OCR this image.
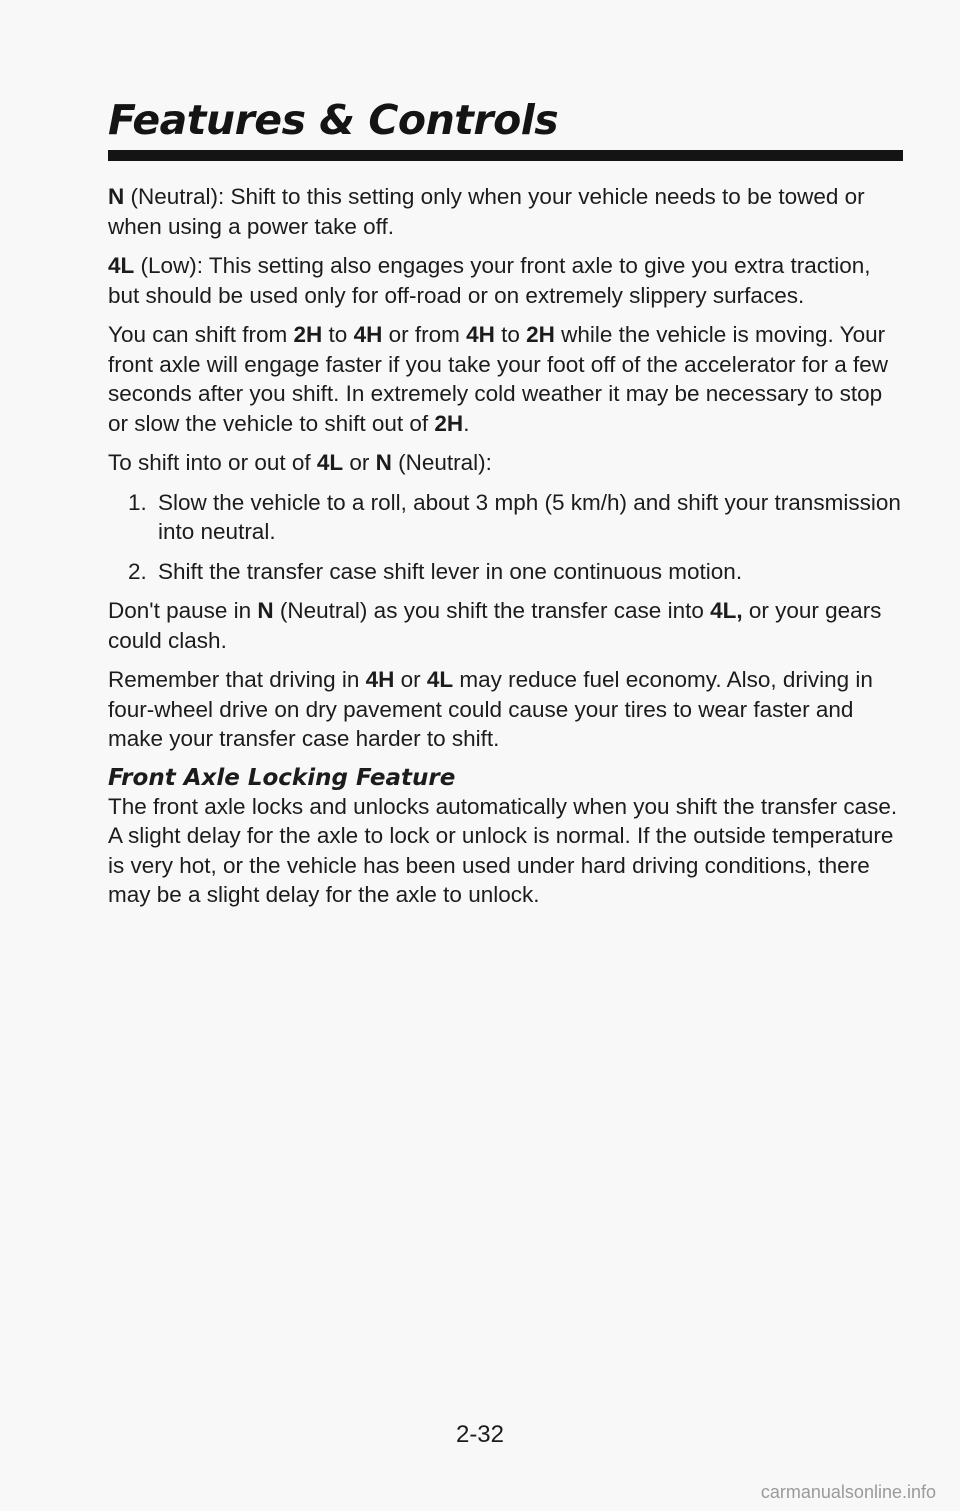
Features & Controls

N (Neutral): Shift to this setting only when your vehicle needs to be towed or when using a power take off.

4L (Low): This setting also engages your front axle to give you extra traction, but should be used only for off-road or on extremely slippery surfaces.

You can shift from 2H to 4H or from 4H to 2H while the vehicle is moving. Your front axle will engage faster if you take your foot off of the accelerator for a few seconds after you shift. In extremely cold weather it may be necessary to stop or slow the vehicle to shift out of 2H.

To shift into or out of 4L or N (Neutral):

1. Slow the vehicle to a roll, about 3 mph (5 km/h) and shift your transmission into neutral.
2. Shift the transfer case shift lever in one continuous motion.

Don't pause in N (Neutral) as you shift the transfer case into 4L, or your gears could clash.

Remember that driving in 4H or 4L may reduce fuel economy. Also, driving in four-wheel drive on dry pavement could cause your tires to wear faster and make your transfer case harder to shift.

Front Axle Locking Feature

The front axle locks and unlocks automatically when you shift the transfer case. A slight delay for the axle to lock or unlock is normal. If the outside temperature is very hot, or the vehicle has been used under hard driving conditions, there may be a slight delay for the axle to unlock.

2-32
carmanualsonline.info
